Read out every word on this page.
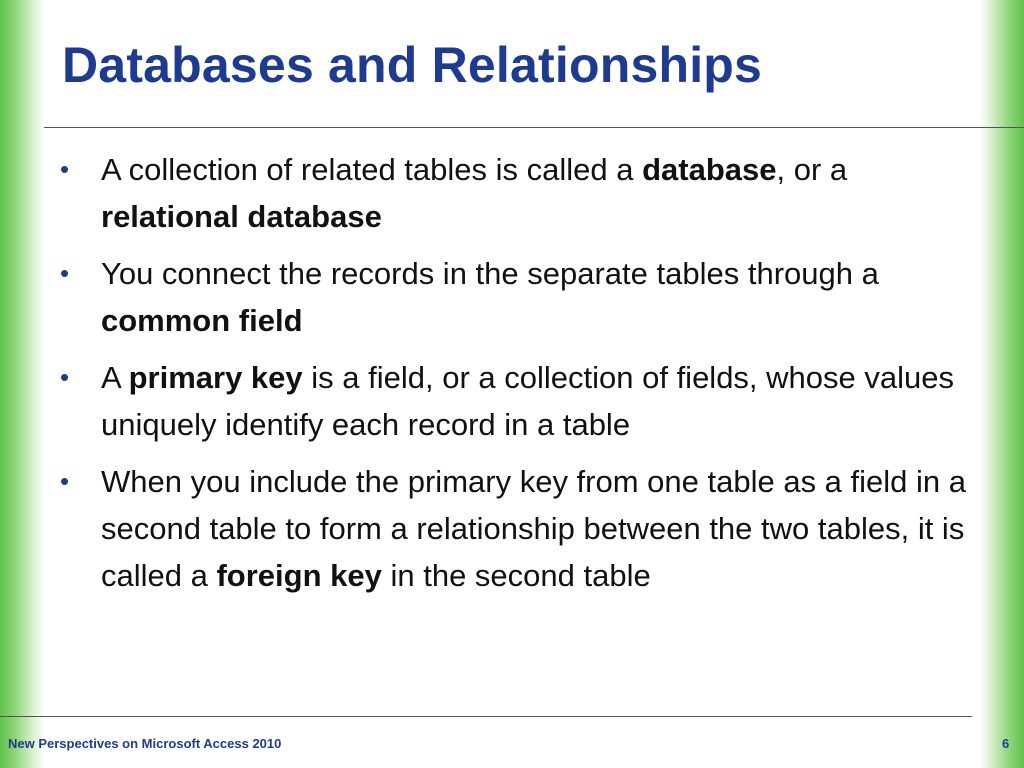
Databases and Relationships
• A collection of related tables is called a database, or a relational database
• You connect the records in the separate tables through a common field
• A primary key is a field, or a collection of fields, whose values uniquely identify each record in a table
• When you include the primary key from one table as a field in a second table to form a relationship between the two tables, it is called a foreign key in the second table
New Perspectives on Microsoft Access 2010	6
